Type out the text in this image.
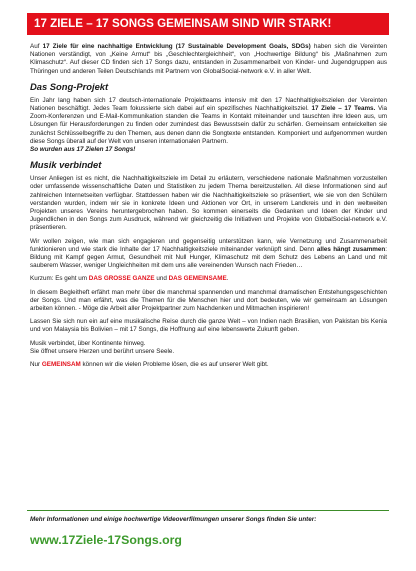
17 ZIELE – 17 SONGS GEMEINSAM SIND WIR STARK!

Auf 17 Ziele für eine nachhaltige Entwicklung (17 Sustainable Development Goals, SDGs) haben sich die Vereinten Nationen verständigt, von „Keine Armut“ bis „Geschlechtergleichheit“, von „Hochwertige Bildung“ bis „Maßnahmen zum Klimaschutz“. Auf dieser CD finden sich 17 Songs dazu, entstanden in Zusammenarbeit von Kinder- und Jugendgruppen aus Thüringen und anderen Teilen Deutschlands mit Partnern von GlobalSocial-network e.V. in aller Welt.

Das Song-Projekt

Ein Jahr lang haben sich 17 deutsch-internationale Projektteams intensiv mit den 17 Nachhaltigkeitszielen der Vereinten Nationen beschäftigt. Jedes Team fokussierte sich dabei auf ein spezifisches Nachhaltigkeitsziel. 17 Ziele – 17 Teams. Via Zoom-Konferenzen und E-Mail-Kommunikation standen die Teams in Kontakt miteinander und tauschten ihre Ideen aus, um Lösungen für Herausforderungen zu finden oder zumindest das Bewusstsein dafür zu schärfen. Gemeinsam entwickelten sie zunächst Schlüsselbegriffe zu den Themen, aus denen dann die Songtexte entstanden. Komponiert und aufgenommen wurden diese Songs überall auf der Welt von unseren internationalen Partnern.
So wurden aus 17 Zielen 17 Songs!

Musik verbindet

Unser Anliegen ist es nicht, die Nachhaltigkeitsziele im Detail zu erläutern, verschiedene nationale Maßnahmen vorzustellen oder umfassende wissenschaftliche Daten und Statistiken zu jedem Thema bereitzustellen. All diese Informationen sind auf zahlreichen Internetseiten verfügbar. Stattdessen haben wir die Nachhaltigkeitsziele so präsentiert, wie sie von den Schülern verstanden wurden, indem wir sie in konkrete Ideen und Aktionen vor Ort, in unserem Landkreis und in den weltweiten Projekten unseres Vereins heruntergebrochen haben. So kommen einerseits die Gedanken und Ideen der Kinder und Jugendlichen in den Songs zum Ausdruck, während wir gleichzeitig die Initiativen und Projekte von GlobalSocial-network e.V. präsentieren.

Wir wollen zeigen, wie man sich engagieren und gegenseitig unterstützen kann, wie Vernetzung und Zusammenarbeit funktionieren und wie stark die Inhalte der 17 Nachhaltigkeitsziele miteinander verknüpft sind. Denn alles hängt zusammen: Bildung mit Kampf gegen Armut, Gesundheit mit Null Hunger, Klimaschutz mit dem Schutz des Lebens an Land und mit sauberem Wasser, weniger Ungleichheiten mit dem uns alle vereinenden Wunsch nach Frieden…

Kurzum: Es geht um DAS GROSSE GANZE und DAS GEMEINSAME.

In diesem Begleitheft erfährt man mehr über die manchmal spannenden und manchmal dramatischen Entstehungsgeschichten der Songs. Und man erfährt, was die Themen für die Menschen hier und dort bedeuten, wie wir gemeinsam an Lösungen arbeiten können. - Möge die Arbeit aller Projektpartner zum Nachdenken und Mitmachen inspirieren!

Lassen Sie sich nun ein auf eine musikalische Reise durch die ganze Welt – von Indien nach Brasilien, von Pakistan bis Kenia und von Malaysia bis Bolivien – mit 17 Songs, die Hoffnung auf eine lebenswerte Zukunft geben.

Musik verbindet, über Kontinente hinweg.
Sie öffnet unsere Herzen und berührt unsere Seele.

Nur GEMEINSAM können wir die vielen Probleme lösen, die es auf unserer Welt gibt.

Mehr Informationen und einige hochwertige Videoverfilmungen unserer Songs finden Sie unter:
www.17Ziele-17Songs.org
